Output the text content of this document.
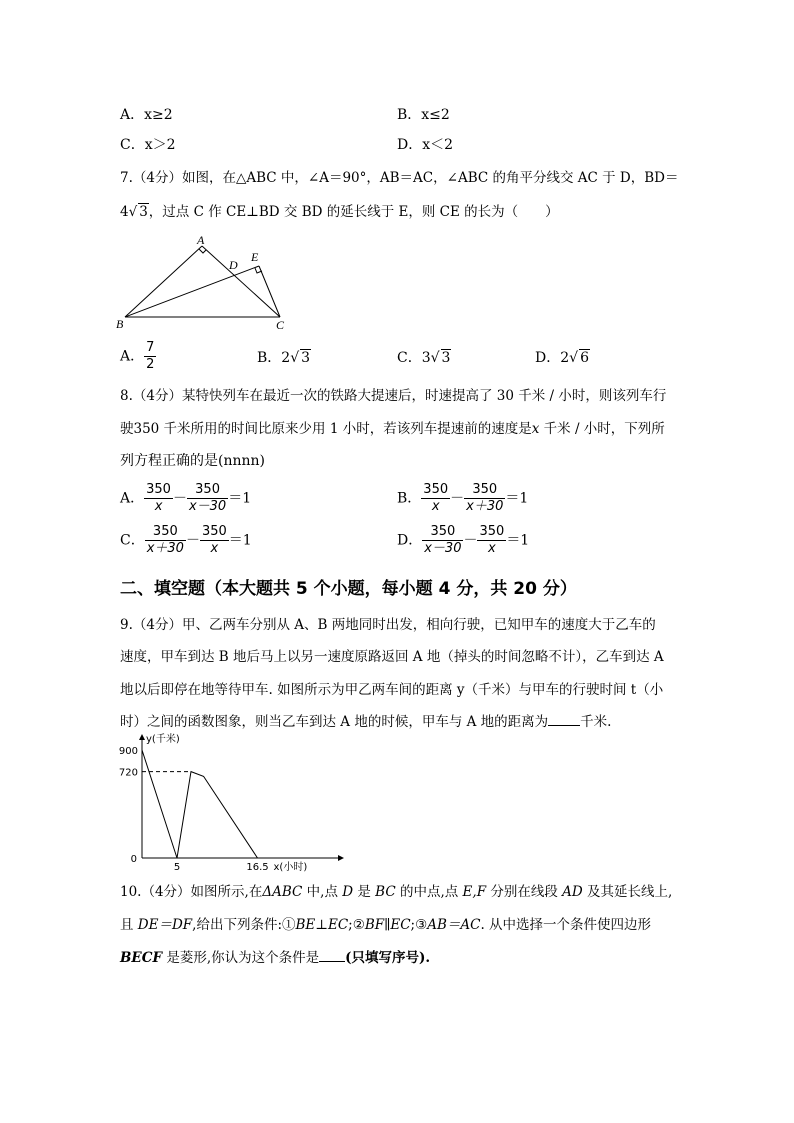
A．x≥2	B．x≤2
C．x＞2	D．x＜2
7.（4分）如图，在△ABC 中，∠A＝90°，AB＝AC，∠ABC 的角平分线交 AC 于 D，BD＝
4√ 3，过点 C 作 CE⊥BD 交 BD 的延长线于 E，则 CE 的长为（　　）
A
D
E
B	C
A． $\frac{7}{2}$	B．2√ 3	C．3√ 3	D．2√ 6
8.（4分）某特快列车在最近一次的铁路大提速后，时速提高了 30 千米 / 小时，则该列车行
驶350 千米所用的时间比原来少用 1 小时，若该列车提速前的速度是x 千米 / 小时，下列所
列方程正确的是(nnnn)
A． $\frac{350}{x} - \frac{350}{x-30} =1$	B． $\frac{350}{x} - \frac{350}{x+30} =1$
C． $\frac{350}{x+30} - \frac{350}{x} =1$	D． $\frac{350}{x-30} - \frac{350}{x} =1$
二、填空题（本大题共 5 个小题，每小题 4 分，共 20 分）
9.（4分）甲、乙两车分别从 A、B 两地同时出发，相向行驶，已知甲车的速度大于乙车的
速度，甲车到达 B 地后马上以另一速度原路返回 A 地（掉头的时间忽略不计），乙车到达 A
地以后即停在地等待甲车. 如图所示为甲乙两车间的距离 y（千米）与甲车的行驶时间 t（小
时）之间的函数图象，则当乙车到达 A 地的时候，甲车与 A 地的距离为 千米.
y(千米)
900
720
0
5	16.5 x(小时)
10.（4分）如图所示,在ΔABC 中,点 D 是 BC 的中点,点 E,F 分别在线段 AD 及其延长线上,
且 DE＝DF,给出下列条件:①BE⊥EC;②BF∥EC;③AB＝AC. 从中选择一个条件使四边形
BECF 是菱形,你认为这个条件是 (只填写序号).
